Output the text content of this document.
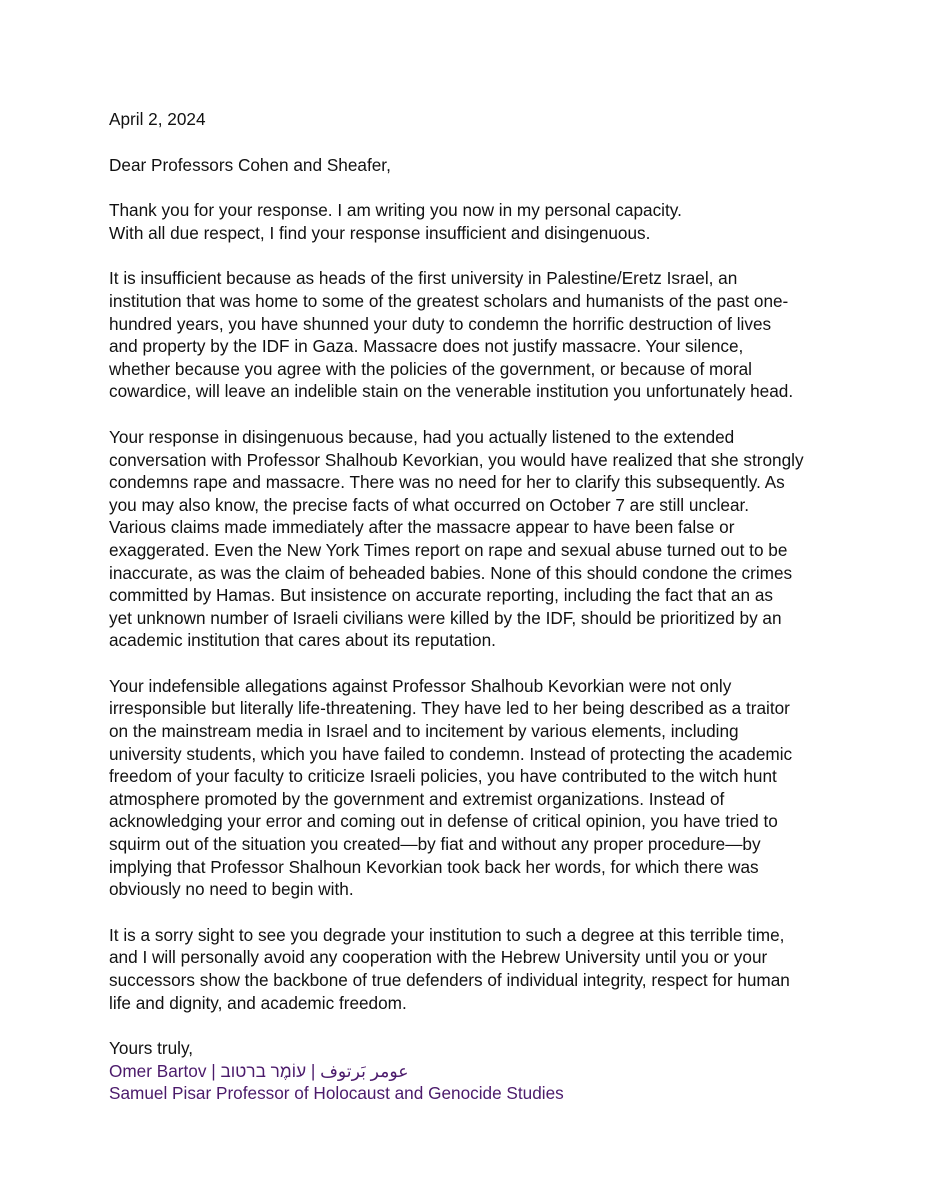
April 2, 2024

Dear Professors Cohen and Sheafer,

Thank you for your response. I am writing you now in my personal capacity.

With all due respect, I find your response insufficient and disingenuous.

It is insufficient because as heads of the first university in Palestine/Eretz Israel, an

institution that was home to some of the greatest scholars and humanists of the past one-

hundred years, you have shunned your duty to condemn the horrific destruction of lives

and property by the IDF in Gaza. Massacre does not justify massacre. Your silence,

whether because you agree with the policies of the government, or because of moral

cowardice, will leave an indelible stain on the venerable institution you unfortunately head.

Your response in disingenuous because, had you actually listened to the extended

conversation with Professor Shalhoub Kevorkian, you would have realized that she strongly

condemns rape and massacre. There was no need for her to clarify this subsequently. As

you may also know, the precise facts of what occurred on October 7 are still unclear.

Various claims made immediately after the massacre appear to have been false or

exaggerated. Even the New York Times report on rape and sexual abuse turned out to be

inaccurate, as was the claim of beheaded babies. None of this should condone the crimes

committed by Hamas. But insistence on accurate reporting, including the fact that an as

yet unknown number of Israeli civilians were killed by the IDF, should be prioritized by an

academic institution that cares about its reputation.

Your indefensible allegations against Professor Shalhoub Kevorkian were not only

irresponsible but literally life-threatening. They have led to her being described as a traitor

on the mainstream media in Israel and to incitement by various elements, including

university students, which you have failed to condemn. Instead of protecting the academic

freedom of your faculty to criticize Israeli policies, you have contributed to the witch hunt

atmosphere promoted by the government and extremist organizations. Instead of

acknowledging your error and coming out in defense of critical opinion, you have tried to

squirm out of the situation you created—by fiat and without any proper procedure—by

implying that Professor Shalhoun Kevorkian took back her words, for which there was

obviously no need to begin with.

It is a sorry sight to see you degrade your institution to such a degree at this terrible time,

and I will personally avoid any cooperation with the Hebrew University until you or your

successors show the backbone of true defenders of individual integrity, respect for human

life and dignity, and academic freedom.

Yours truly,

Omer Bartov | عومر بَرتوف | עוֹמֶר ברטוב

Samuel Pisar Professor of Holocaust and Genocide Studies
